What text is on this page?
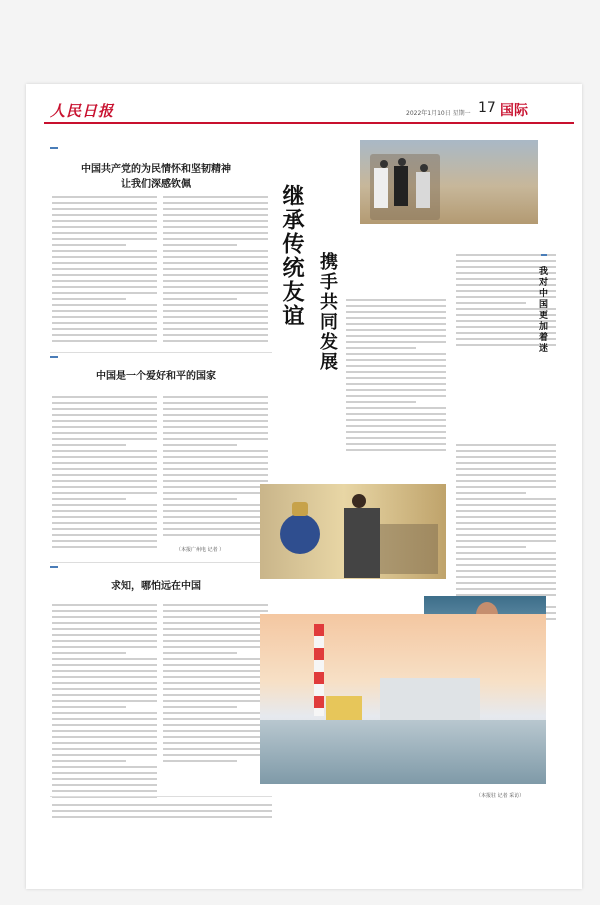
人民日报	2022年1月10日 星期一 17 国际
中国共产党的为民情怀和坚韧精神
让我们深感钦佩
中国是一个爱好和平的国家
（本报广州电 记者 ）
求知，哪怕远在中国
继承传统友谊 携手共同发展	我对中国更加着迷
（本报驻 记者 采访）
